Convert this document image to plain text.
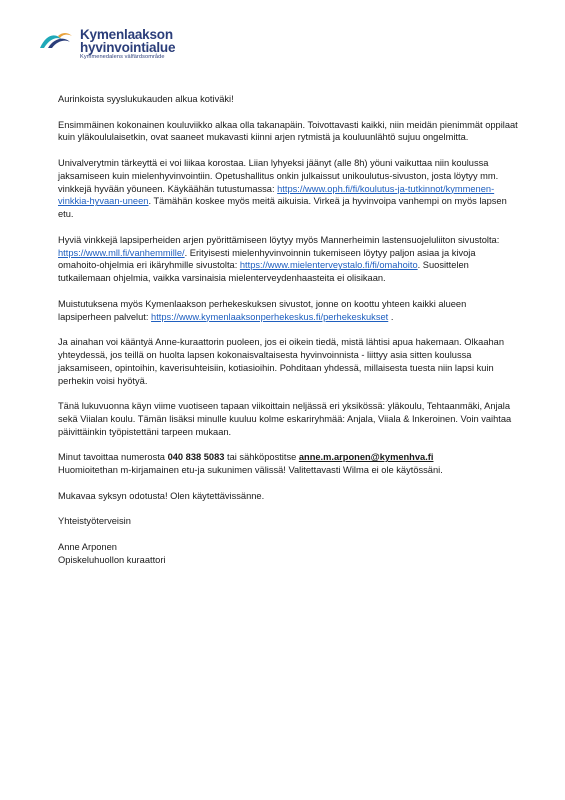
Kymenlaakson
hyvinvointialue
Kymmenedalens välfärdsområde

Aurinkoista syyslukukauden alkua kotiväki!

Ensimmäinen kokonainen kouluviikko alkaa olla takanapäin. Toivottavasti kaikki, niin meidän pienimmät oppilaat kuin yläkoululaisetkin, ovat saaneet mukavasti kiinni arjen rytmistä ja kouluunlähtö sujuu ongelmitta.

Univalverytmin tärkeyttä ei voi liikaa korostaa. Liian lyhyeksi jäänyt (alle 8h) yöuni vaikuttaa niin koulussa jaksamiseen kuin mielenhyvinvointiin. Opetushallitus onkin julkaissut unikoulutus-sivuston, josta löytyy mm. vinkkejä hyvään yöuneen. Käykäähän tutustumassa: https://www.oph.fi/fi/koulutus-ja-tutkinnot/kymmenen-vinkkia-hyvaan-uneen. Tämähän koskee myös meitä aikuisia. Virkeä ja hyvinvoipa vanhempi on myös lapsen etu.

Hyviä vinkkejä lapsiperheiden arjen pyörittämiseen löytyy myös Mannerheimin lastensuojeluliiton sivustolta: https://www.mll.fi/vanhemmille/. Erityisesti mielenhyvinvoinnin tukemiseen löytyy paljon asiaa ja kivoja omahoito-ohjelmia eri ikäryhmille sivustolta: https://www.mielenterveystalo.fi/fi/omahoito. Suosittelen tutkailemaan ohjelmia, vaikka varsinaisia mielenterveydenhaasteita ei olisikaan.

Muistutuksena myös Kymenlaakson perhekeskuksen sivustot, jonne on koottu yhteen kaikki alueen lapsiperheen palvelut: https://www.kymenlaaksonperhekeskus.fi/perhekeskukset .

Ja ainahan voi kääntyä Anne-kuraattorin puoleen, jos ei oikein tiedä, mistä lähtisi apua hakemaan. Olkaahan yhteydessä, jos teillä on huolta lapsen kokonaisvaltaisesta hyvinvoinnista - liittyy asia sitten koulussa jaksamiseen, opintoihin, kaverisuhteisiin, kotiasioihin. Pohditaan yhdessä, millaisesta tuesta niin lapsi kuin perhekin voisi hyötyä.

Tänä lukuvuonna käyn viime vuotiseen tapaan viikoittain neljässä eri yksikössä: yläkoulu, Tehtaanmäki, Anjala sekä Viialan koulu. Tämän lisäksi minulle kuuluu kolme eskariryhmää: Anjala, Viiala & Inkeroinen. Voin vaihtaa päivittäinkin työpistettäni tarpeen mukaan.

Minut tavoittaa numerosta 040 838 5083 tai sähköpostitse anne.m.arponen@kymenhva.fi
Huomioitethan m-kirjamainen etu-ja sukunimen välissä! Valitettavasti Wilma ei ole käytössäni.

Mukavaa syksyn odotusta! Olen käytettävissänne.

Yhteistyöterveisin

Anne Arponen

Opiskeluhuollon kuraattori
